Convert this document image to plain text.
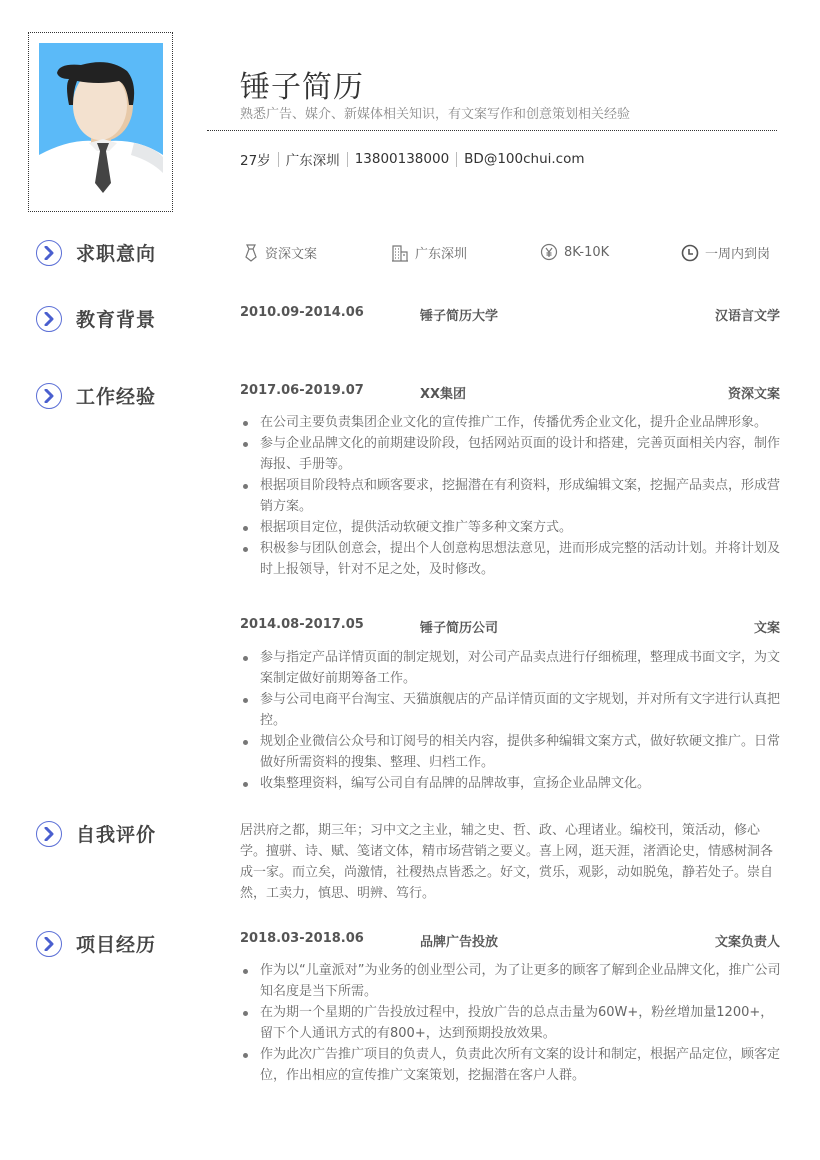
锤子简历
熟悉广告、媒介、新媒体相关知识，有文案写作和创意策划相关经验
27岁 广东深圳 13800138000 BD@100chui.com
求职意向	资深文案	广东深圳	8K-10K	一周内到岗
教育背景	2010.09-2014.06	锤子简历大学	汉语言文学
工作经验	2017.06-2019.07	XX集团	资深文案
在公司主要负责集团企业文化的宣传推广工作，传播优秀企业文化，提升企业品牌形象。
参与企业品牌文化的前期建设阶段，包括网站页面的设计和搭建，完善页面相关内容，制作海报、手册等。
根据项目阶段特点和顾客要求，挖掘潜在有利资料，形成编辑文案，挖掘产品卖点，形成营销方案。
根据项目定位，提供活动软硬文推广等多种文案方式。
积极参与团队创意会，提出个人创意构思想法意见，进而形成完整的活动计划。并将计划及时上报领导，针对不足之处，及时修改。
2014.08-2017.05	锤子简历公司	文案
参与指定产品详情页面的制定规划，对公司产品卖点进行仔细梳理，整理成书面文字，为文案制定做好前期筹备工作。
参与公司电商平台淘宝、天猫旗舰店的产品详情页面的文字规划，并对所有文字进行认真把控。
规划企业微信公众号和订阅号的相关内容，提供多种编辑文案方式，做好软硬文推广。日常做好所需资料的搜集、整理、归档工作。
收集整理资料，编写公司自有品牌的品牌故事，宣扬企业品牌文化。
自我评价	居洪府之都，期三年；习中文之主业，辅之史、哲、政、心理诸业。编校刊，策活动，修心学。擅骈、诗、赋、笺诸文体，精市场营销之要义。喜上网，逛天涯，渚酒论史，情感树洞各成一家。而立矣，尚激情，社稷热点皆悉之。好文，赏乐，观影，动如脱兔，静若处子。崇自然，工卖力，慎思、明辨、笃行。
项目经历	2018.03-2018.06	品牌广告投放	文案负责人
作为以“儿童派对”为业务的创业型公司，为了让更多的顾客了解到企业品牌文化，推广公司知名度是当下所需。
在为期一个星期的广告投放过程中，投放广告的总点击量为60W+，粉丝增加量1200+，留下个人通讯方式的有800+，达到预期投放效果。
作为此次广告推广项目的负责人，负责此次所有文案的设计和制定，根据产品定位，顾客定位，作出相应的宣传推广文案策划，挖掘潜在客户人群。
